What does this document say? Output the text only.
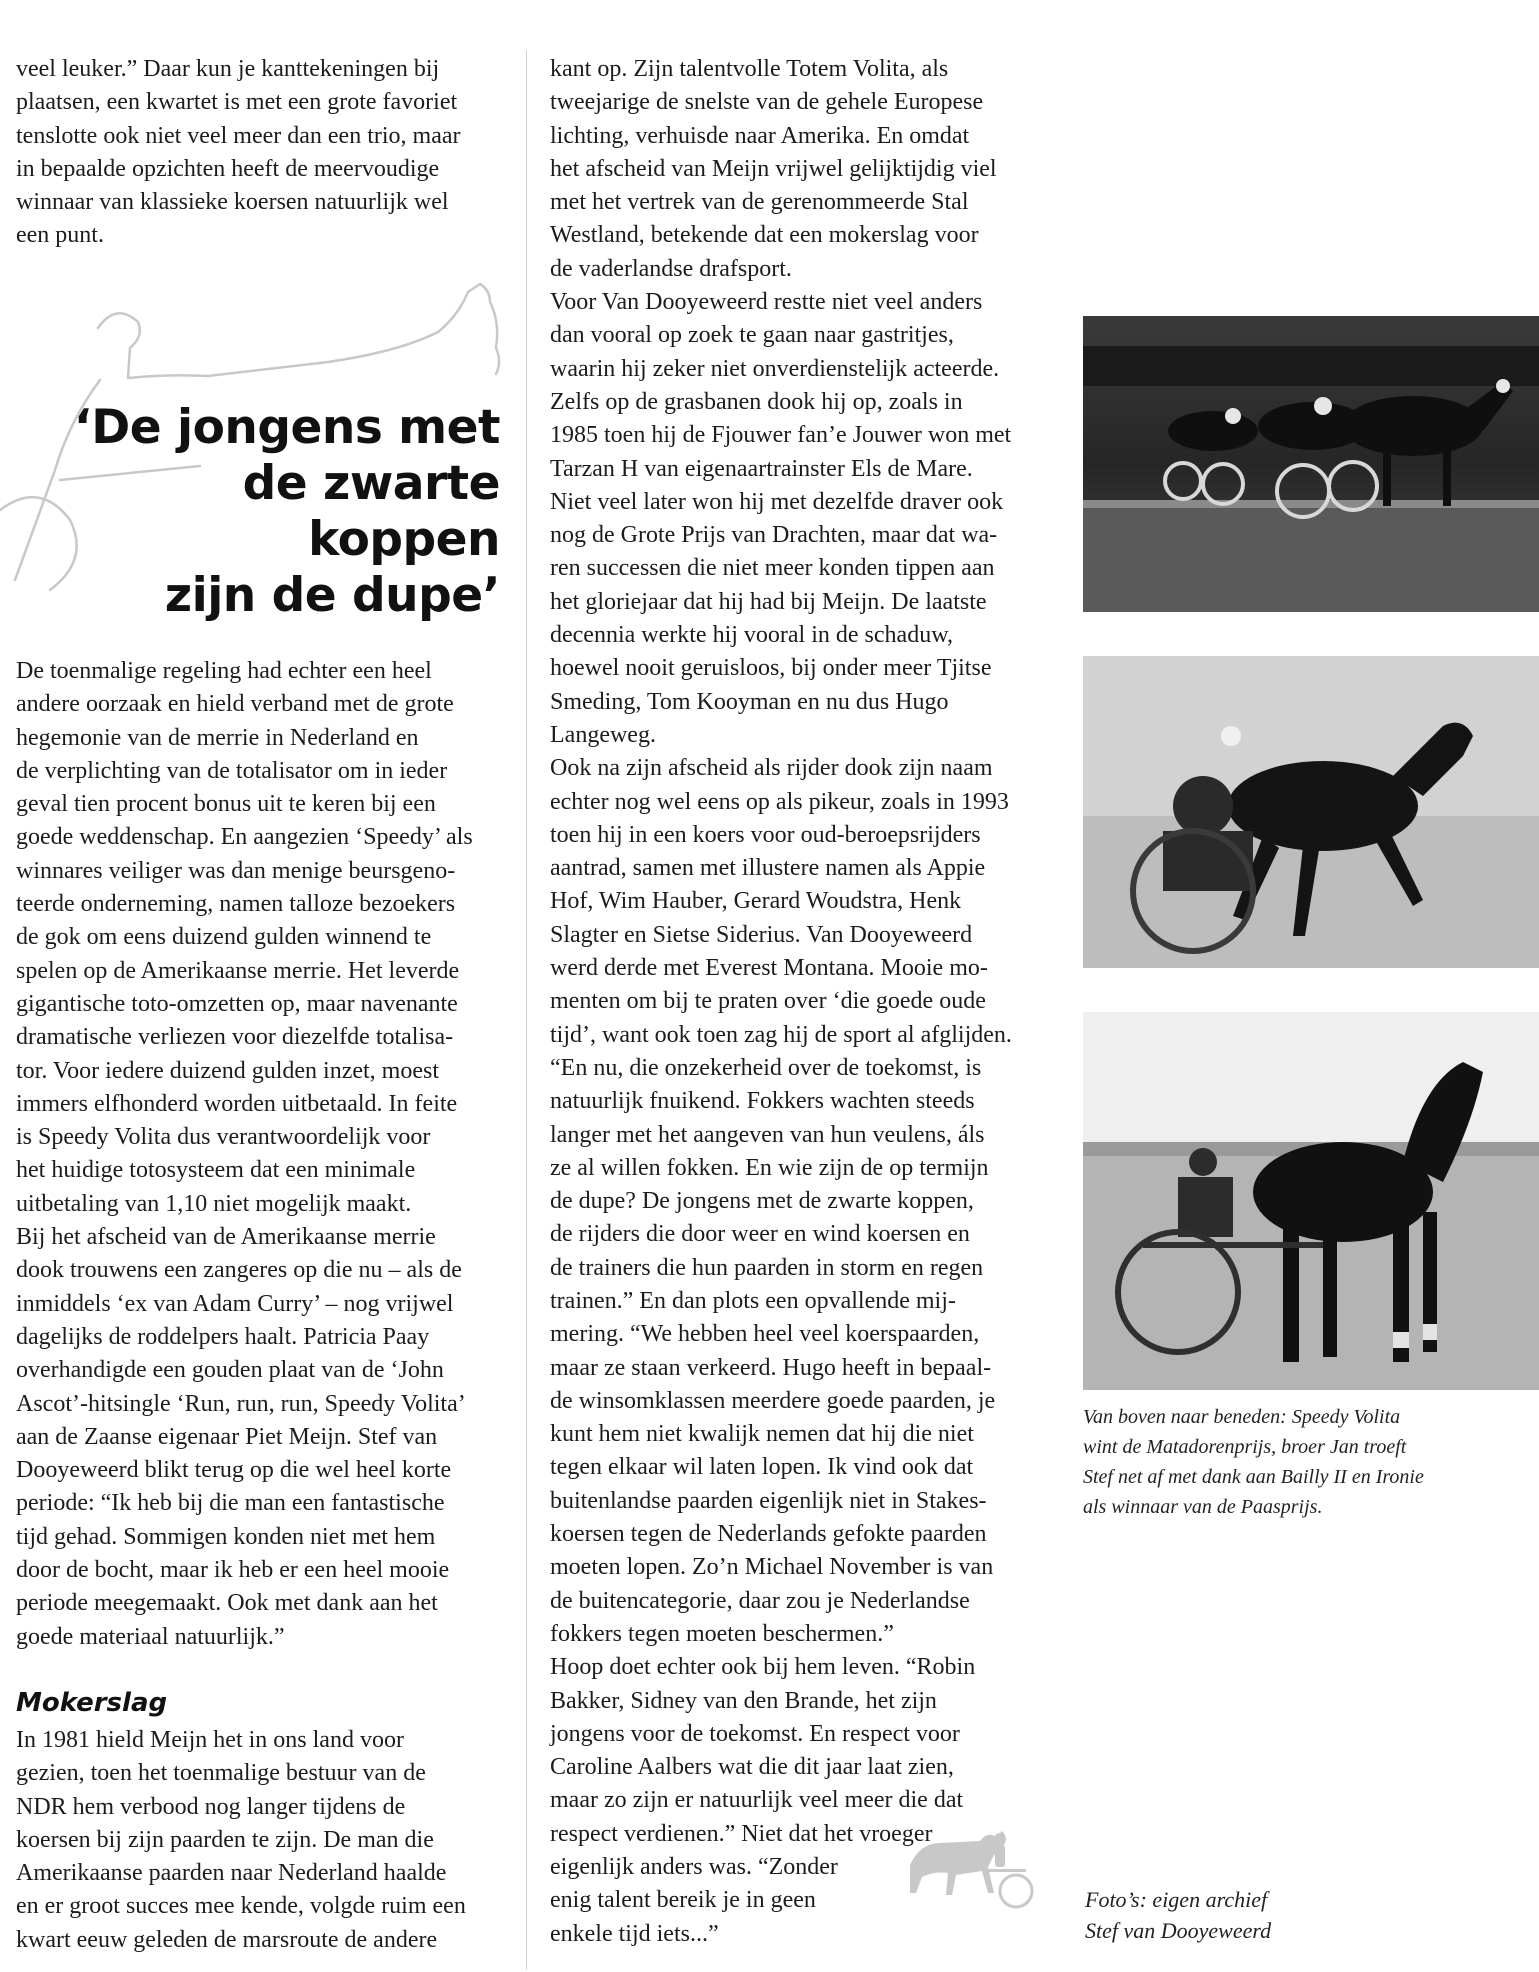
veel leuker.” Daar kun je kanttekeningen bij

plaatsen, een kwartet is met een grote favoriet

tenslotte ook niet veel meer dan een trio, maar

in bepaalde opzichten heeft de meervoudige

winnaar van klassieke koersen natuurlijk wel

een punt.

De toenmalige regeling had echter een heel

andere oorzaak en hield verband met de grote

hegemonie van de merrie in Nederland en

de verplichting van de totalisator om in ieder

geval tien procent bonus uit te keren bij een

goede weddenschap. En aangezien ‘Speedy’ als

winnares veiliger was dan menige beursgeno-

teerde onderneming, namen talloze bezoekers

de gok om eens duizend gulden winnend te

spelen op de Amerikaanse merrie. Het leverde

gigantische toto-omzetten op, maar navenante

dramatische verliezen voor diezelfde totalisa-

tor. Voor iedere duizend gulden inzet, moest

immers elfhonderd worden uitbetaald. In feite

is Speedy Volita dus verantwoordelijk voor

het huidige totosysteem dat een minimale

uitbetaling van 1,10 niet mogelijk maakt.

Bij het afscheid van de Amerikaanse merrie

dook trouwens een zangeres op die nu – als de

inmiddels ‘ex van Adam Curry’ – nog vrijwel

dagelijks de roddelpers haalt. Patricia Paay

overhandigde een gouden plaat van de ‘John

Ascot’-hitsingle ‘Run, run, run, Speedy Volita’

aan de Zaanse eigenaar Piet Meijn. Stef van

Dooyeweerd blikt terug op die wel heel korte

periode: “Ik heb bij die man een fantastische

tijd gehad. Sommigen konden niet met hem

door de bocht, maar ik heb er een heel mooie

periode meegemaakt. Ook met dank aan het

goede materiaal natuurlijk.”

Mokerslag

In 1981 hield Meijn het in ons land voor

gezien, toen het toenmalige bestuur van de

NDR hem verbood nog langer tijdens de

koersen bij zijn paarden te zijn. De man die

Amerikaanse paarden naar Nederland haalde

en er groot succes mee kende, volgde ruim een

kwart eeuw geleden de marsroute de andere

‘De jongens met
de zwarte koppen
zijn de dupe’

kant op. Zijn talentvolle Totem Volita, als

tweejarige de snelste van de gehele Europese

lichting, verhuisde naar Amerika. En omdat

het afscheid van Meijn vrijwel gelijktijdig viel

met het vertrek van de gerenommeerde Stal

Westland, betekende dat een mokerslag voor

de vaderlandse drafsport.

Voor Van Dooyeweerd restte niet veel anders

dan vooral op zoek te gaan naar gastritjes,

waarin hij zeker niet onverdienstelijk acteerde.

Zelfs op de grasbanen dook hij op, zoals in

1985 toen hij de Fjouwer fan’e Jouwer won met

Tarzan H van eigenaartrainster Els de Mare.

Niet veel later won hij met dezelfde draver ook

nog de Grote Prijs van Drachten, maar dat wa-

ren successen die niet meer konden tippen aan

het gloriejaar dat hij had bij Meijn. De laatste

decennia werkte hij vooral in de schaduw,

hoewel nooit geruisloos, bij onder meer Tjitse

Smeding, Tom Kooyman en nu dus Hugo

Langeweg.

Ook na zijn afscheid als rijder dook zijn naam

echter nog wel eens op als pikeur, zoals in 1993

toen hij in een koers voor oud-beroepsrijders

aantrad, samen met illustere namen als Appie

Hof, Wim Hauber, Gerard Woudstra, Henk

Slagter en Sietse Siderius. Van Dooyeweerd

werd derde met Everest Montana. Mooie mo-

menten om bij te praten over ‘die goede oude

tijd’, want ook toen zag hij de sport al afglijden.

“En nu, die onzekerheid over de toekomst, is

natuurlijk fnuikend. Fokkers wachten steeds

langer met het aangeven van hun veulens, áls

ze al willen fokken. En wie zijn de op termijn

de dupe? De jongens met de zwarte koppen,

de rijders die door weer en wind koersen en

de trainers die hun paarden in storm en regen

trainen.” En dan plots een opvallende mij-

mering. “We hebben heel veel koerspaarden,

maar ze staan verkeerd. Hugo heeft in bepaal-

de winsomklassen meerdere goede paarden, je

kunt hem niet kwalijk nemen dat hij die niet

tegen elkaar wil laten lopen. Ik vind ook dat

buitenlandse paarden eigenlijk niet in Stakes-

koersen tegen de Nederlands gefokte paarden

moeten lopen. Zo’n Michael November is van

de buitencategorie, daar zou je Nederlandse

fokkers tegen moeten beschermen.”

Hoop doet echter ook bij hem leven. “Robin

Bakker, Sidney van den Brande, het zijn

jongens voor de toekomst. En respect voor

Caroline Aalbers wat die dit jaar laat zien,

maar zo zijn er natuurlijk veel meer die dat

respect verdienen.” Niet dat het vroeger

eigenlijk anders was. “Zonder

enig talent bereik je in geen

enkele tijd iets...”

Van boven naar beneden: Speedy Volita
wint de Matadorenprijs, broer Jan troeft
Stef net af met dank aan Bailly II en Ironie
als winnaar van de Paasprijs.
Foto’s: eigen archief
Stef van Dooyeweerd
